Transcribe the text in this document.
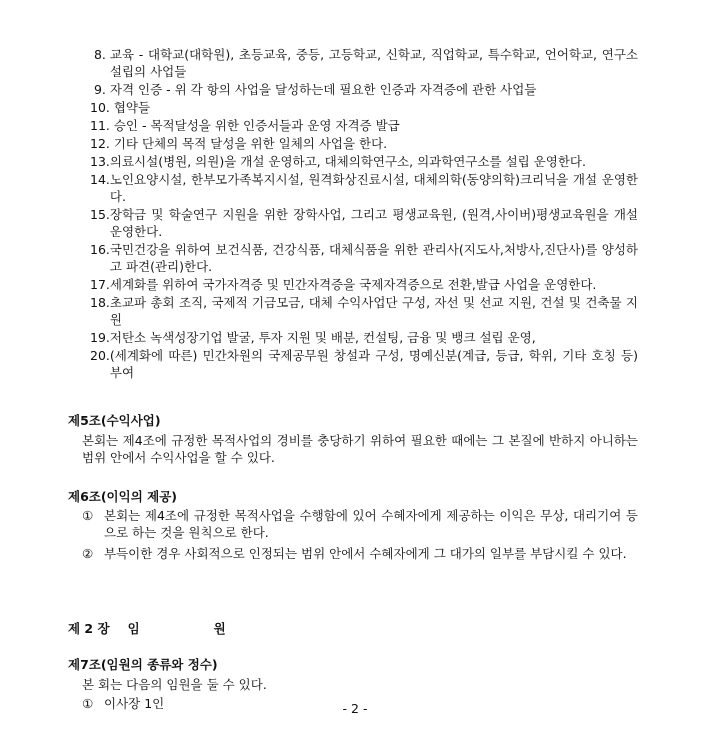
8. 교육 - 대학교(대학원), 초등교육, 중등, 고등학교, 신학교, 직업학교, 특수학교, 언어학교, 연구소 설립의 사업들
9. 자격 인증 - 위 각 항의 사업을 달성하는데 필요한 인증과 자격증에 관한 사업들
10. 협약들
11. 승인 - 목적달성을 위한 인증서들과 운영 자격증 발급
12. 기타 단체의 목적 달성을 위한 일체의 사업을 한다.
13. 의료시설(병원, 의원)을 개설 운영하고, 대체의학연구소, 의과학연구소를 설립 운영한다.
14. 노인요양시설, 한부모가족복지시설, 원격화상진료시설, 대체의학(동양의학)크리닉을 개설 운영한다.
15. 장학금 및 학술연구 지원을 위한 장학사업, 그리고 평생교육원, (원격,사이버)평생교육원을 개설 운영한다.
16. 국민건강을 위하여 보건식품, 건강식품, 대체식품을 위한 관리사(지도사,처방사,진단사)를 양성하고 파견(관리)한다.
17. 세계화를 위하여 국가자격증 및 민간자격증을 국제자격증으로 전환,발급 사업을 운영한다.
18. 초교파 총회 조직, 국제적 기금모금, 대체 수익사업단 구성, 자선 및 선교 지원, 건설 및 건축물 지원
19. 저탄소 녹색성장기업 발굴, 투자 지원 및 배분, 컨설팅, 금융 및 뱅크 설립 운영,
20. (세계화에 따른) 민간차원의 국제공무원 창설과 구성, 명예신분(계급, 등급, 학위, 기타 호칭 등) 부여
제5조(수익사업)
본회는 제4조에 규정한 목적사업의 경비를 충당하기 위하여 필요한 때에는 그 본질에 반하지 아니하는 범위 안에서 수익사업을 할 수 있다.
제6조(이익의 제공)
① 본회는 제4조에 규정한 목적사업을 수행함에 있어 수혜자에게 제공하는 이익은 무상, 대리기여 등 으로 하는 것을 원칙으로 한다.
② 부득이한 경우 사회적으로 인정되는 범위 안에서 수혜자에게 그 대가의 일부를 부담시킬 수 있다.
제 2 장 임	원
제7조(임원의 종류와 정수)
본 회는 다음의 임원을 둘 수 있다.
① 이사장 1인	- 2 -
